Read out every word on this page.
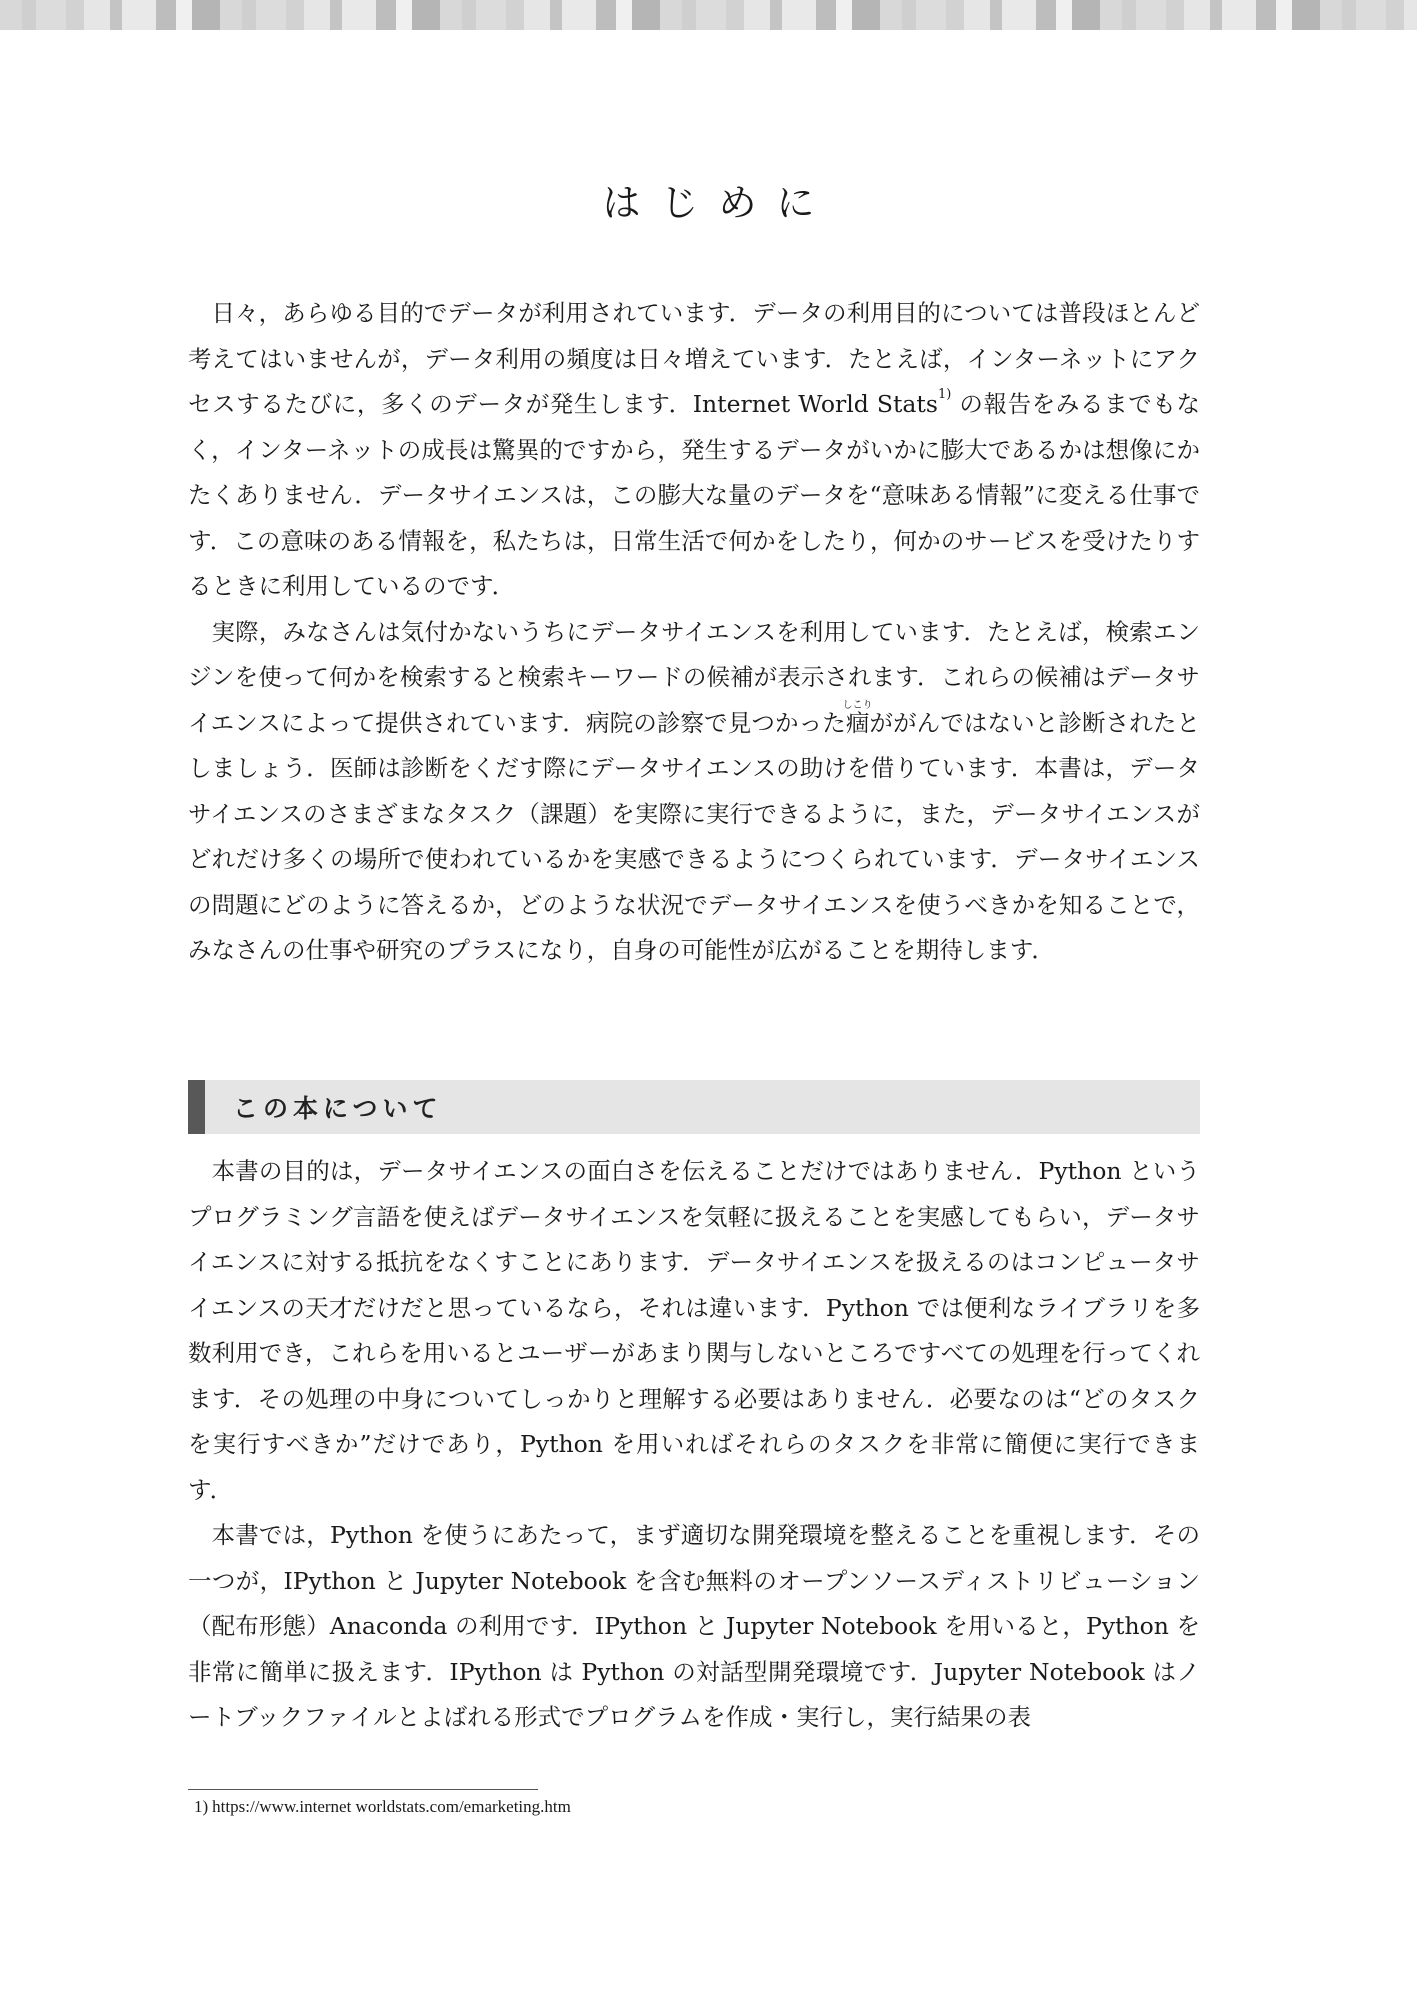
はじめに

日々，あらゆる目的でデータが利用されています．データの利用目的については普段ほとんど考えてはいませんが，データ利用の頻度は日々増えています．たとえば，インターネットにアクセスするたびに，多くのデータが発生します．Internet World Stats$^{1)}$ の報告をみるまでもなく，インターネットの成長は驚異的ですから，発生するデータがいかに膨大であるかは想像にかたくありません．データサイエンスは，この膨大な量のデータを“意味ある情報”に変える仕事です．この意味のある情報を，私たちは，日常生活で何かをしたり，何かのサービスを受けたりするときに利用しているのです．

実際，みなさんは気付かないうちにデータサイエンスを利用しています．たとえば，検索エンジンを使って何かを検索すると検索キーワードの候補が表示されます．これらの候補はデータサイエンスによって提供されています．病院の診察で見つかった痼しこりががんではないと診断されたとしましょう．医師は診断をくだす際にデータサイエンスの助けを借りています．本書は，データサイエンスのさまざまなタスク（課題）を実際に実行できるように，また，データサイエンスがどれだけ多くの場所で使われているかを実感できるようにつくられています．データサイエンスの問題にどのように答えるか，どのような状況でデータサイエンスを使うべきかを知ることで，みなさんの仕事や研究のプラスになり，自身の可能性が広がることを期待します．

この本について

本書の目的は，データサイエンスの面白さを伝えることだけではありません．Python というプログラミング言語を使えばデータサイエンスを気軽に扱えることを実感してもらい，データサイエンスに対する抵抗をなくすことにあります．データサイエンスを扱えるのはコンピュータサイエンスの天才だけだと思っているなら，それは違います．Python では便利なライブラリを多数利用でき，これらを用いるとユーザーがあまり関与しないところですべての処理を行ってくれます．その処理の中身についてしっかりと理解する必要はありません．必要なのは“どのタスクを実行すべきか”だけであり，Python を用いればそれらのタスクを非常に簡便に実行できます．

本書では，Python を使うにあたって，まず適切な開発環境を整えることを重視します．その一つが，IPython と Jupyter Notebook を含む無料のオープンソースディストリビューション（配布形態）Anaconda の利用です．IPython と Jupyter Notebook を用いると，Python を非常に簡単に扱えます．IPython は Python の対話型開発環境です．Jupyter Notebook はノートブックファイルとよばれる形式でプログラムを作成・実行し，実行結果の表

1) https://www.internet worldstats.com/emarketing.htm
